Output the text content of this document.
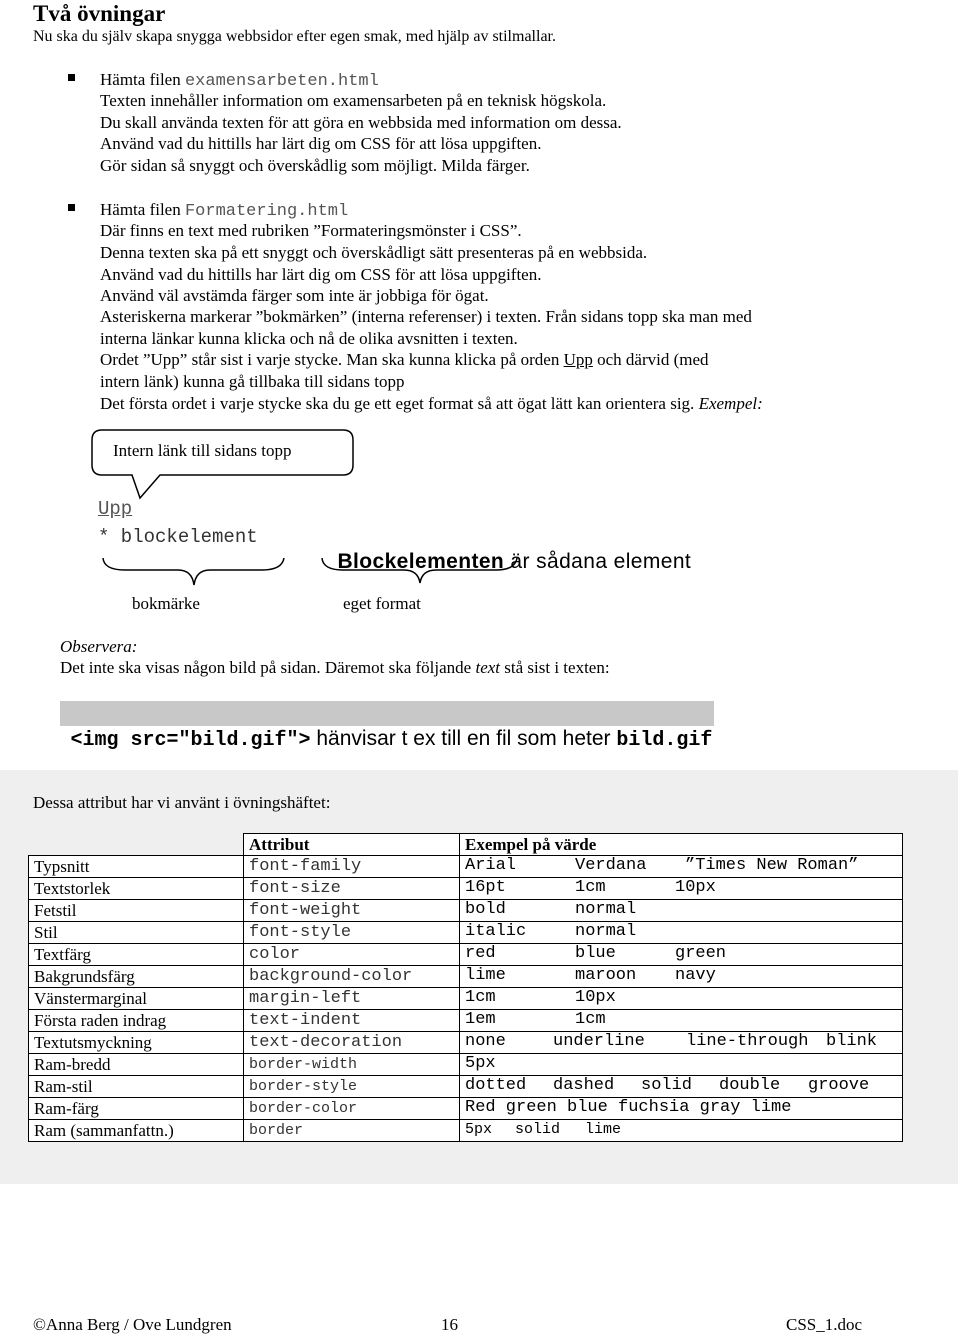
Två övningar
Nu ska du själv skapa snygga webbsidor efter egen smak, med hjälp av stilmallar.
Hämta filen examensarbeten.html
Texten innehåller information om examensarbeten på en teknisk högskola.
Du skall använda texten för att göra en webbsida med information om dessa.
Använd vad du hittills har lärt dig om CSS för att lösa uppgiften.
Gör sidan så snyggt och överskådlig som möjligt. Milda färger.
Hämta filen Formatering.html
Där finns en text med rubriken ”Formateringsmönster i CSS”.
Denna texten ska på ett snyggt och överskådligt sätt presenteras på en webbsida.
Använd vad du hittills har lärt dig om CSS för att lösa uppgiften.
Använd väl avstämda färger som inte är jobbiga för ögat.
Asteriskerna markerar ”bokmärken” (interna referenser) i texten. Från sidans topp ska man med
interna länkar kunna klicka och nå de olika avsnitten i texten.
Ordet ”Upp” står sist i varje stycke. Man ska kunna klicka på orden Upp och därvid (med
intern länk) kunna gå tillbaka till sidans topp
Det första ordet i varje stycke ska du ge ett eget format så att ögat lätt kan orientera sig. Exempel:
Intern länk till sidans topp
Upp
* blockelement

Blockelementen är sådana element

bokmärke	eget format
Observera:
Det inte ska visas någon bild på sidan. Däremot ska följande text stå sist i texten:

<img src="bild.gif"> hänvisar t ex till en fil som heter bild.gif

Dessa attribut har vi använt i övningshäftet:
	Attribut	Exempel på värde
Typsnitt	font-family	Arial Verdana ”Times New Roman”

Textstorlek	font-size	16pt 1cm 10px

Fetstil	font-weight	bold normal

Stil	font-style	italic normal

Textfärg	color	red blue green

Bakgrundsfärg	background-color	lime maroon navy

Vänstermarginal	margin-left	1cm 10px

Första raden indrag	text-indent	1em 1cm

Textutsmyckning	text-decoration	none underline line-through blink

Ram-bredd	border-width	5px

Ram-stil	border-style	dotted dashed solid double groove

Ram-färg	border-color	Red green blue fuchsia gray lime

Ram (sammanfattn.)	border	5px solid lime
©Anna Berg / Ove Lundgren	16	CSS_1.doc
